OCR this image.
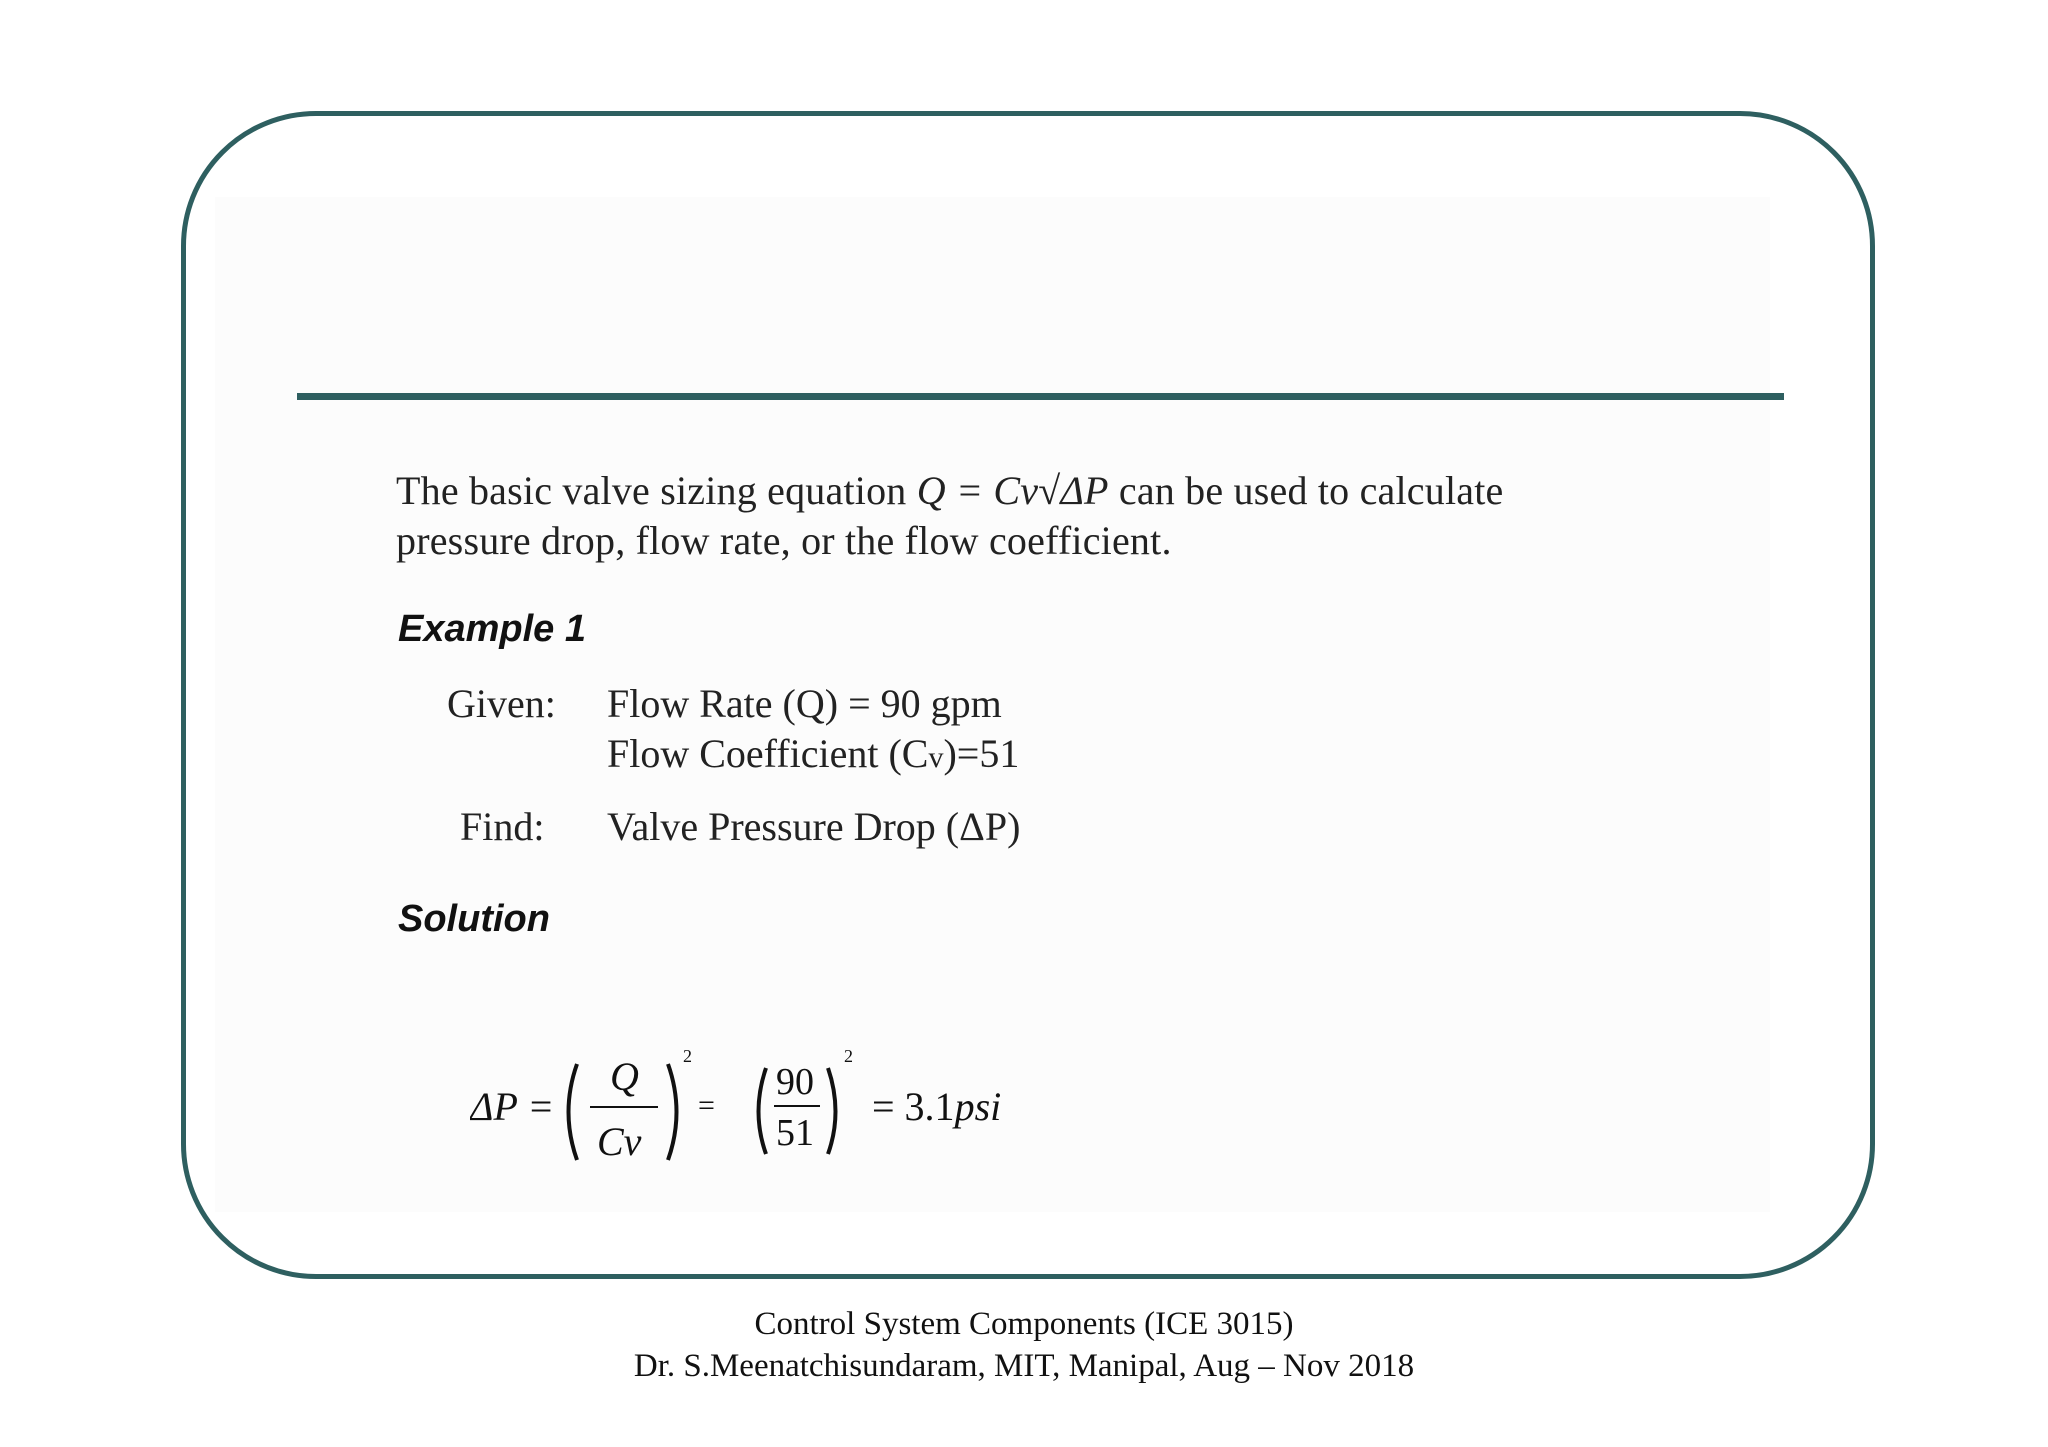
The basic valve sizing equation Q = Cv√ΔP can be used to calculate
pressure drop, flow rate, or the flow coefficient.
Example 1
Given: Flow Rate (Q) = 90 gpm
Flow Coefficient (Cv)=51
Find: Valve Pressure Drop (ΔP)
Solution
ΔP =
Q
Cv
2
=
90
51
2
= 3.1psi
Control System Components (ICE 3015)
Dr. S.Meenatchisundaram, MIT, Manipal, Aug – Nov 2018
